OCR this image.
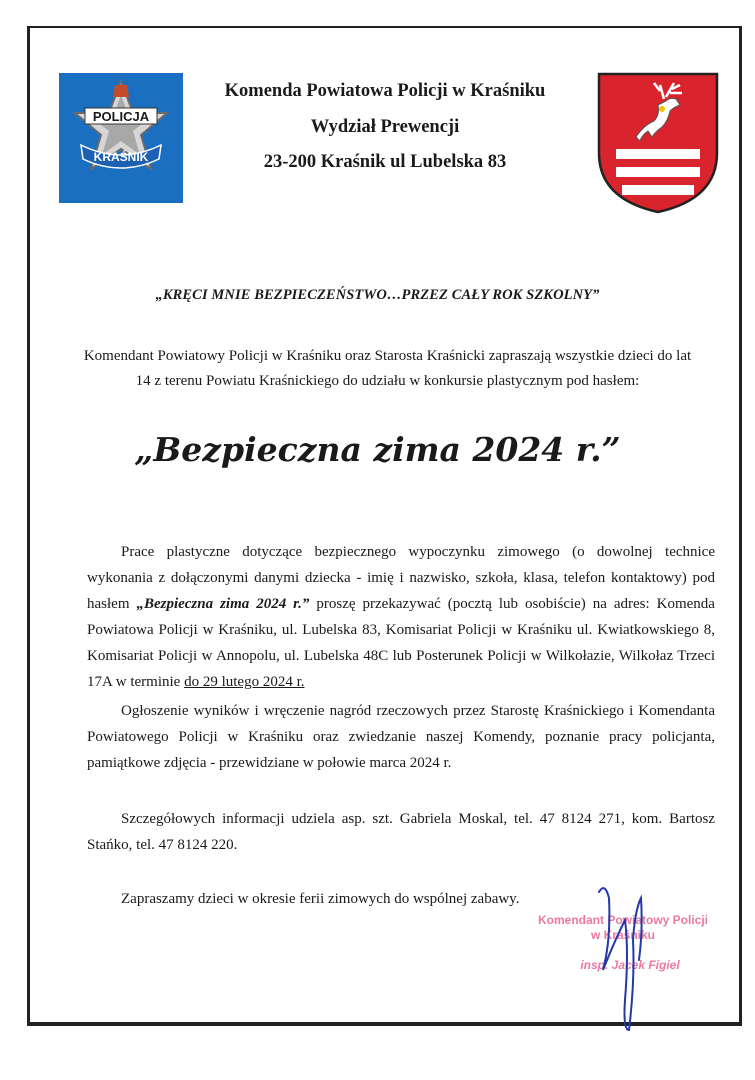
POLICJA
KRAŚNIK
Komenda Powiatowa Policji w Kraśniku
Wydział Prewencji
23-200 Kraśnik ul Lubelska 83
„KRĘCI MNIE BEZPIECZEŃSTWO…PRZEZ CAŁY ROK SZKOLNY”
Komendant Powiatowy Policji w Kraśniku oraz Starosta Kraśnicki zapraszają wszystkie dzieci do lat 14 z terenu Powiatu Kraśnickiego do udziału w konkursie plastycznym pod hasłem:
„Bezpieczna zima 2024 r.”
Prace plastyczne dotyczące bezpiecznego wypoczynku zimowego (o dowolnej technice wykonania z dołączonymi danymi dziecka - imię i nazwisko, szkoła, klasa, telefon kontaktowy) pod hasłem „Bezpieczna zima 2024 r.” proszę przekazywać (pocztą lub osobiście) na adres: Komenda Powiatowa Policji w Kraśniku, ul. Lubelska 83, Komisariat Policji w Kraśniku ul. Kwiatkowskiego 8, Komisariat Policji w Annopolu, ul. Lubelska 48C lub Posterunek Policji w Wilkołazie, Wilkołaz Trzeci 17A w terminie do 29 lutego 2024 r.
Ogłoszenie wyników i wręczenie nagród rzeczowych przez Starostę Kraśnickiego i Komendanta Powiatowego Policji w Kraśniku oraz zwiedzanie naszej Komendy, poznanie pracy policjanta, pamiątkowe zdjęcia - przewidziane w połowie marca 2024 r.
Szczegółowych informacji udziela asp. szt. Gabriela Moskal, tel. 47 8124 271, kom. Bartosz Stańko, tel. 47 8124 220.
Zapraszamy dzieci w okresie ferii zimowych do wspólnej zabawy.
Komendant Powiatowy Policji
w Kraśniku
insp. Jacek Figiel
